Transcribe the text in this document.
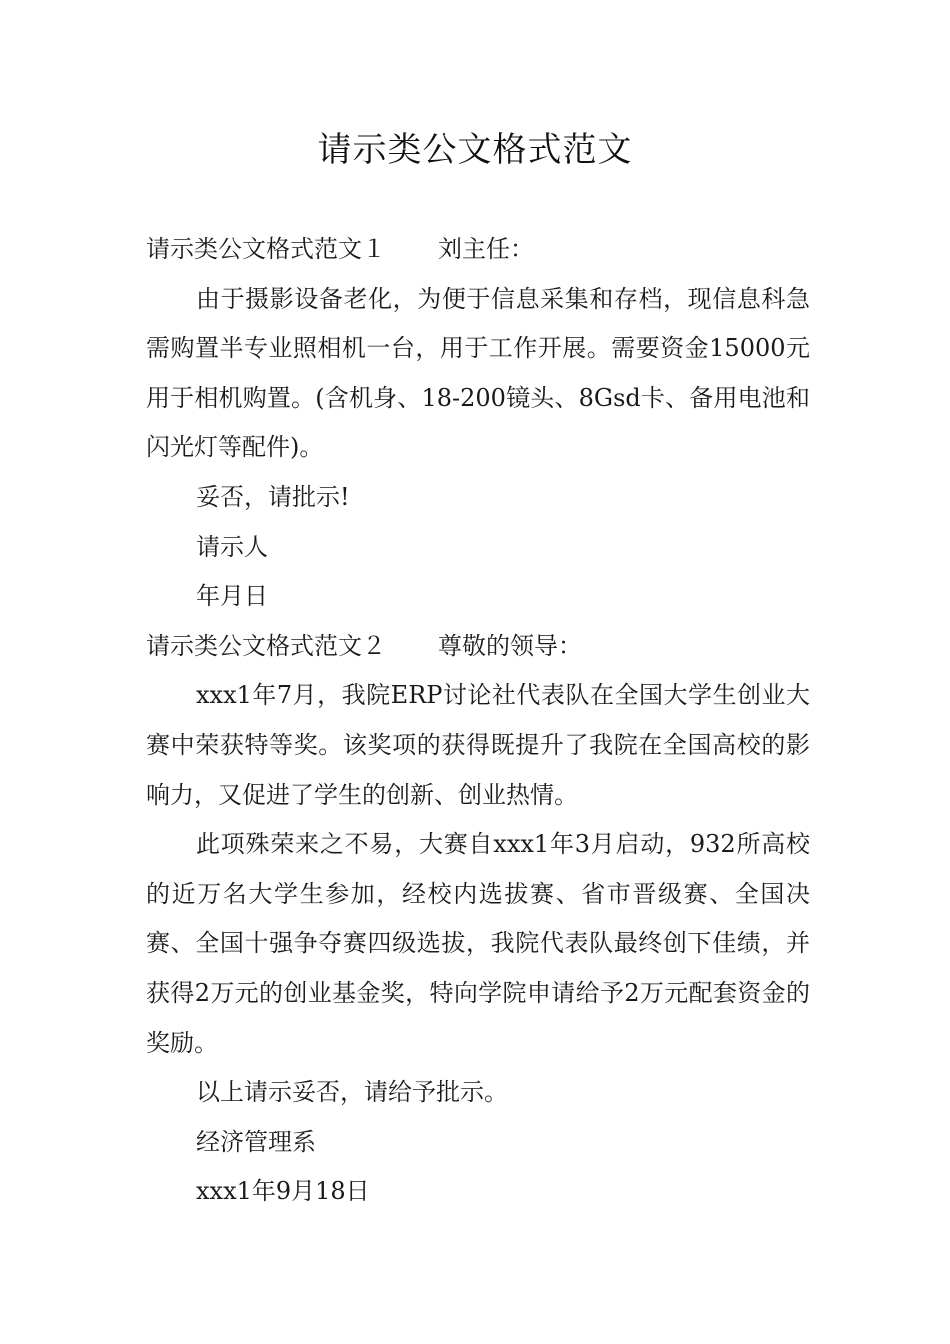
请示类公文格式范文

请示类公文格式范文１ 刘主任：

由于摄影设备老化，为便于信息采集和存档，现信息科急需购置半专业照相机一台，用于工作开展。需要资金15000元用于相机购置。(含机身、18-200镜头、8Gsd卡、备用电池和闪光灯等配件)。

妥否，请批示!

请示人

年月日

请示类公文格式范文２ 尊敬的领导：

xxx1年7月，我院ERP讨论社代表队在全国大学生创业大赛中荣获特等奖。该奖项的获得既提升了我院在全国高校的影响力，又促进了学生的创新、创业热情。

此项殊荣来之不易，大赛自xxx1年3月启动，932所高校的近万名大学生参加，经校内选拔赛、省市晋级赛、全国决赛、全国十强争夺赛四级选拔，我院代表队最终创下佳绩，并获得2万元的创业基金奖，特向学院申请给予2万元配套资金的奖励。

以上请示妥否，请给予批示。

经济管理系

xxx1年9月18日
